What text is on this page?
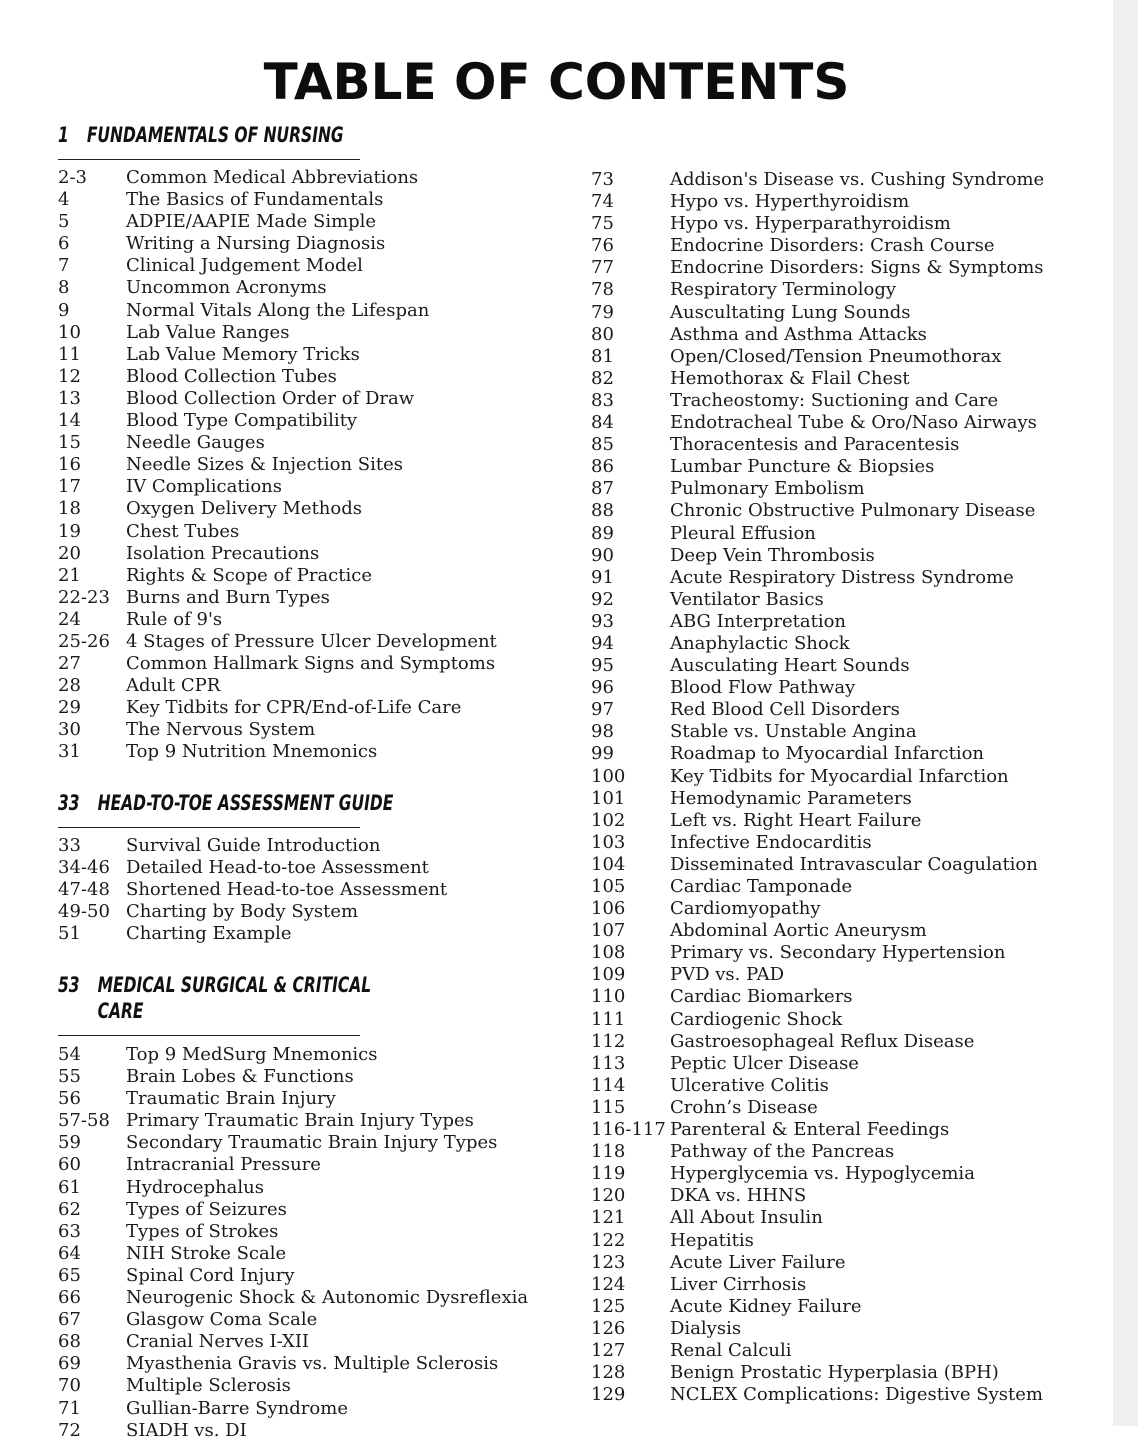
TABLE OF CONTENTS
1 FUNDAMENTALS OF NURSING
2-3	Common Medical Abbreviations
4	The Basics of Fundamentals
5	ADPIE/AAPIE Made Simple
6	Writing a Nursing Diagnosis
7	Clinical Judgement Model
8	Uncommon Acronyms
9	Normal Vitals Along the Lifespan
10	Lab Value Ranges
11	Lab Value Memory Tricks
12	Blood Collection Tubes
13	Blood Collection Order of Draw
14	Blood Type Compatibility
15	Needle Gauges
16	Needle Sizes & Injection Sites
17	IV Complications
18	Oxygen Delivery Methods
19	Chest Tubes
20	Isolation Precautions
21	Rights & Scope of Practice
22-23 Burns and Burn Types
24	Rule of 9's
25-26 4 Stages of Pressure Ulcer Development
27	Common Hallmark Signs and Symptoms
28	Adult CPR
29	Key Tidbits for CPR/End-of-Life Care
30	The Nervous System
31	Top 9 Nutrition Mnemonics
33 HEAD-TO-TOE ASSESSMENT GUIDE
33	Survival Guide Introduction
34-46 Detailed Head-to-toe Assessment
47-48 Shortened Head-to-toe Assessment
49-50 Charting by Body System
51	Charting Example
53 MEDICAL SURGICAL & CRITICAL CARE
54	Top 9 MedSurg Mnemonics
55	Brain Lobes & Functions
56	Traumatic Brain Injury
57-58 Primary Traumatic Brain Injury Types
59	Secondary Traumatic Brain Injury Types
60	Intracranial Pressure
61	Hydrocephalus
62	Types of Seizures
63	Types of Strokes
64	NIH Stroke Scale
65	Spinal Cord Injury
66	Neurogenic Shock & Autonomic Dysreflexia
67	Glasgow Coma Scale
68	Cranial Nerves I-XII
69	Myasthenia Gravis vs. Multiple Sclerosis
70	Multiple Sclerosis
71	Gullian-Barre Syndrome
72	SIADH vs. DI
73	Addison's Disease vs. Cushing Syndrome
74	Hypo vs. Hyperthyroidism
75	Hypo vs. Hyperparathyroidism
76	Endocrine Disorders: Crash Course
77	Endocrine Disorders: Signs & Symptoms
78	Respiratory Terminology
79	Auscultating Lung Sounds
80	Asthma and Asthma Attacks
81	Open/Closed/Tension Pneumothorax
82	Hemothorax & Flail Chest
83	Tracheostomy: Suctioning and Care
84	Endotracheal Tube & Oro/Naso Airways
85	Thoracentesis and Paracentesis
86	Lumbar Puncture & Biopsies
87	Pulmonary Embolism
88	Chronic Obstructive Pulmonary Disease
89	Pleural Effusion
90	Deep Vein Thrombosis
91	Acute Respiratory Distress Syndrome
92	Ventilator Basics
93	ABG Interpretation
94	Anaphylactic Shock
95	Ausculating Heart Sounds
96	Blood Flow Pathway
97	Red Blood Cell Disorders
98	Stable vs. Unstable Angina
99	Roadmap to Myocardial Infarction
100	Key Tidbits for Myocardial Infarction
101	Hemodynamic Parameters
102	Left vs. Right Heart Failure
103	Infective Endocarditis
104	Disseminated Intravascular Coagulation
105	Cardiac Tamponade
106	Cardiomyopathy
107	Abdominal Aortic Aneurysm
108	Primary vs. Secondary Hypertension
109	PVD vs. PAD
110	Cardiac Biomarkers
111	Cardiogenic Shock
112	Gastroesophageal Reflux Disease
113	Peptic Ulcer Disease
114	Ulcerative Colitis
115	Crohn’s Disease
116-117 Parenteral & Enteral Feedings
118	Pathway of the Pancreas
119	Hyperglycemia vs. Hypoglycemia
120	DKA vs. HHNS
121	All About Insulin
122	Hepatitis
123	Acute Liver Failure
124	Liver Cirrhosis
125	Acute Kidney Failure
126	Dialysis
127	Renal Calculi
128	Benign Prostatic Hyperplasia (BPH)
129	NCLEX Complications: Digestive System
